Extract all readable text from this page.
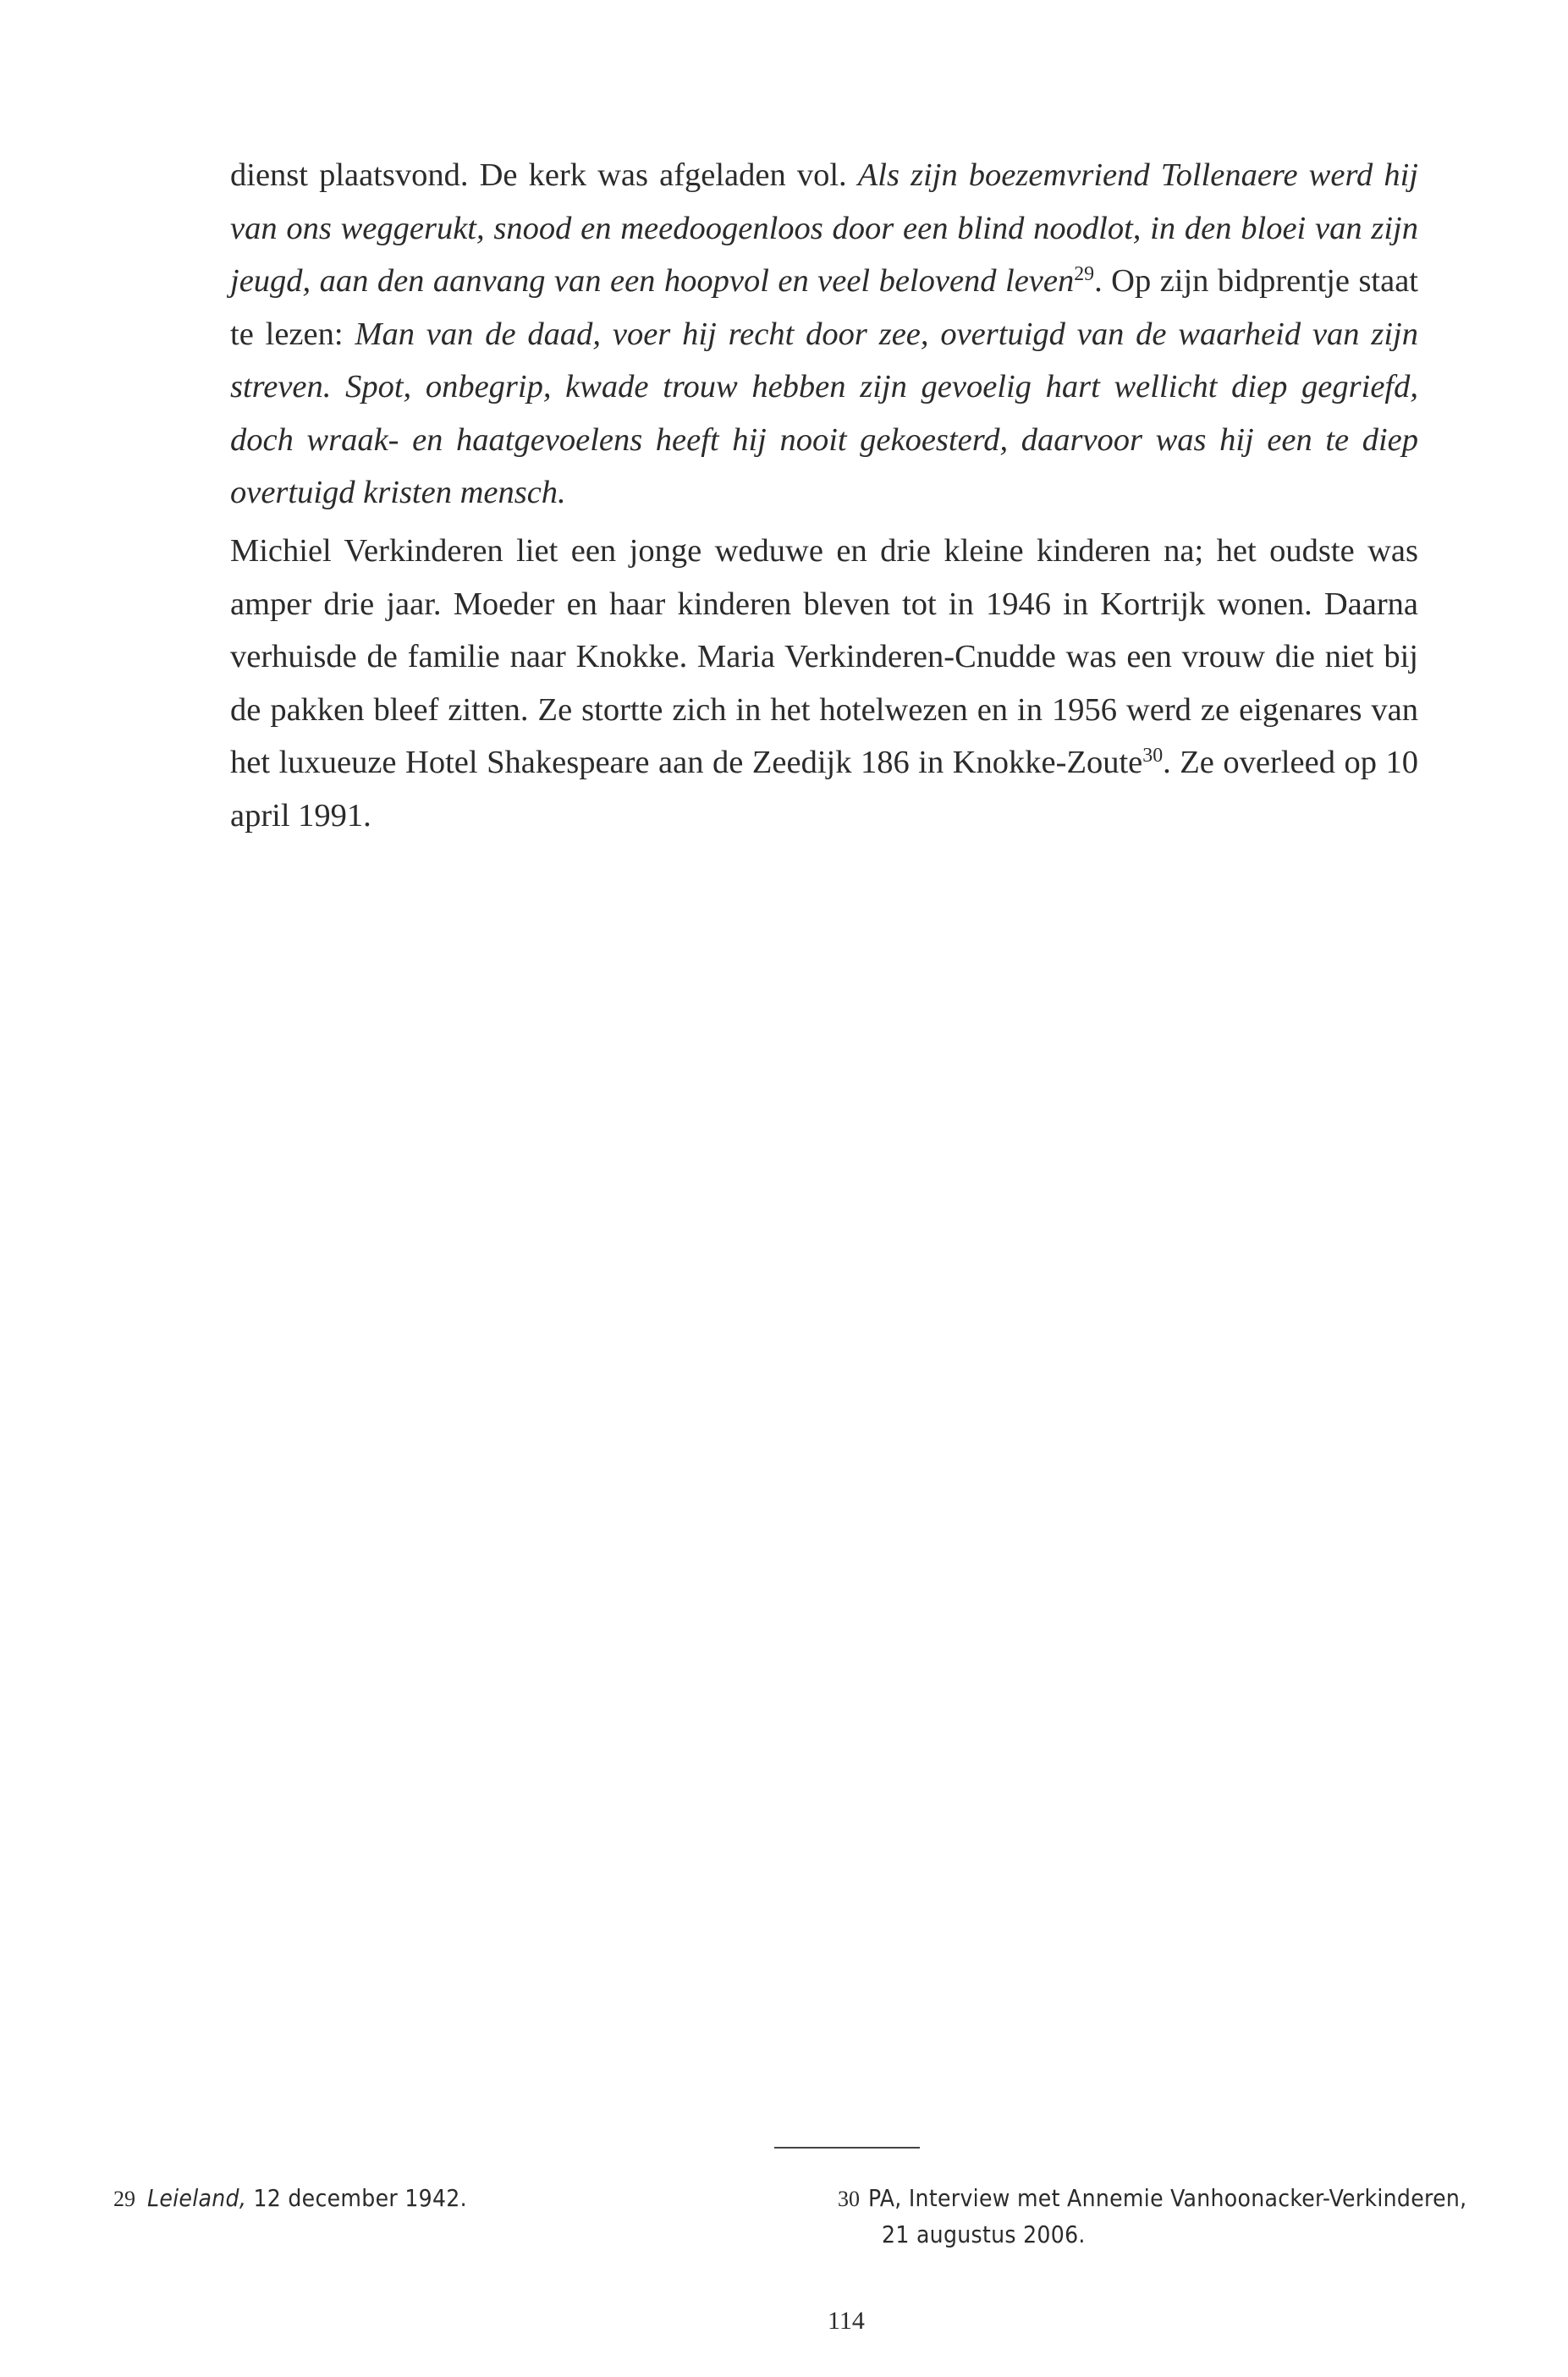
dienst plaatsvond. De kerk was afgeladen vol. Als zijn boezemvriend Tollenaere werd hij van ons weggerukt, snood en meedoogenloos door een blind noodlot, in den bloei van zijn jeugd, aan den aanvang van een hoopvol en veel belovend leven$^{29}$. Op zijn bidprentje staat te lezen: Man van de daad, voer hij recht door zee, overtuigd van de waarheid van zijn streven. Spot, onbegrip, kwade trouw hebben zijn gevoelig hart wellicht diep gegriefd, doch wraak- en haatgevoelens heeft hij nooit gekoesterd, daarvoor was hij een te diep overtuigd kristen mensch.

Michiel Verkinderen liet een jonge weduwe en drie kleine kinderen na; het oudste was amper drie jaar. Moeder en haar kinderen bleven tot in 1946 in Kortrijk wonen. Daarna verhuisde de familie naar Knokke. Maria Verkinderen-Cnudde was een vrouw die niet bij de pakken bleef zitten. Ze stortte zich in het hotelwezen en in 1956 werd ze eigenares van het luxueuze Hotel Shakespeare aan de Zeedijk 186 in Knokke-Zoute$^{30}$. Ze overleed op 10 april 1991.

29 Leieland, 12 december 1942.	30 PA, Interview met Annemie Vanhoonacker-Verkinderen,
21 augustus 2006.

114
